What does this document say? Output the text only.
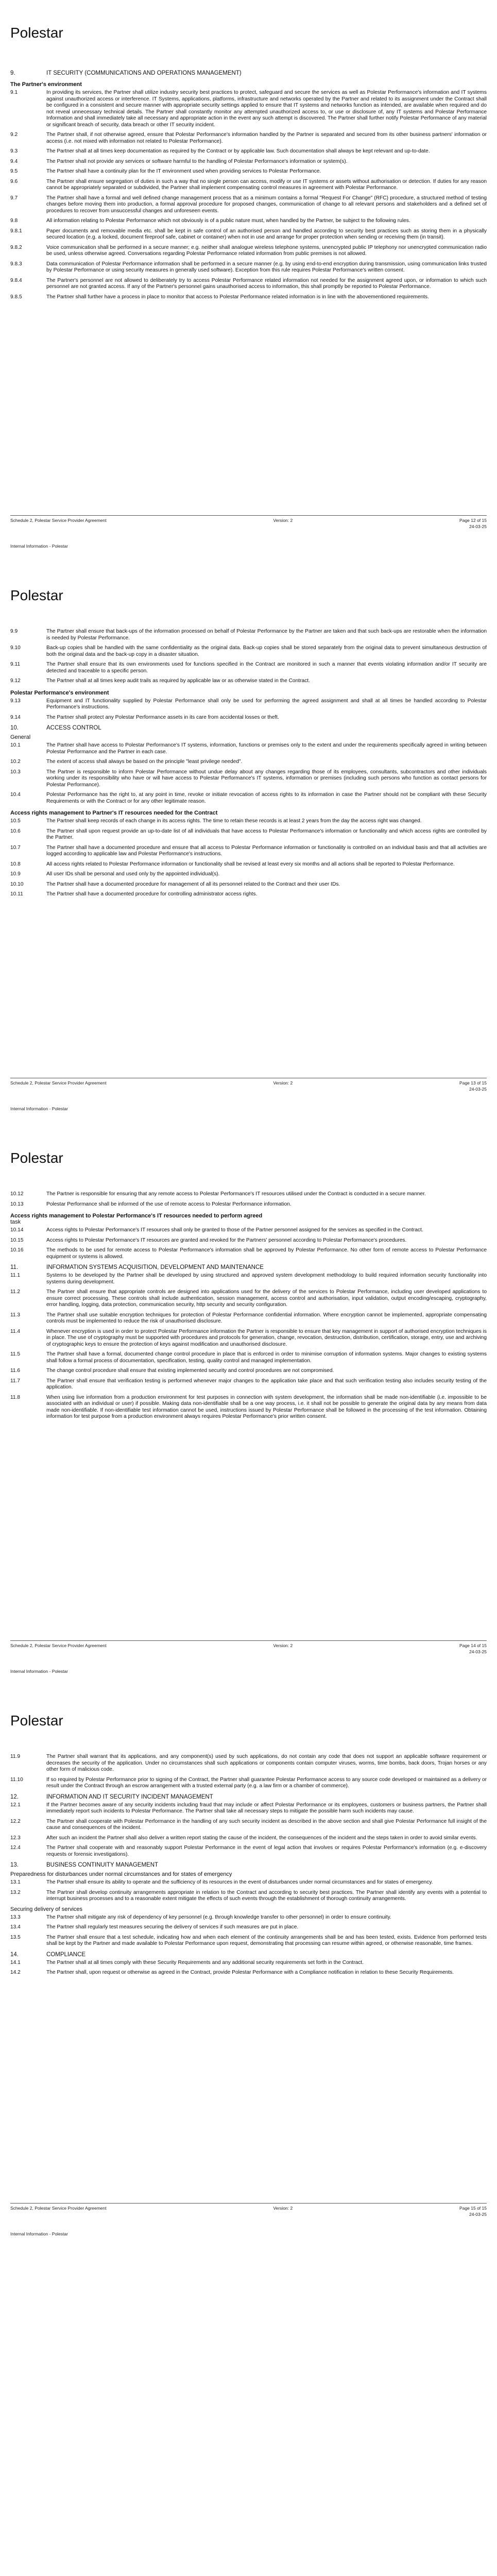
Polestar
9.	IT SECURITY (COMMUNICATIONS AND OPERATIONS MANAGEMENT)
The Partner's environment
9.1	In providing its services, the Partner shall utilize industry security best practices to protect, safeguard and secure the services as well as Polestar Performance's information and IT systems against unauthorized access or interference. IT Systems, applications, platforms, infrastructure and networks operated by the Partner and related to its assignment under the Contract shall be configured in a consistent and secure manner with appropriate security settings applied to ensure that IT systems and networks function as intended, are available when required and do not reveal unnecessary technical details. The Partner shall constantly monitor any attempted unauthorized access to, or use or disclosure of, any IT systems and Polestar Performance Information and shall immediately take all necessary and appropriate action in the event any such attempt is discovered. The Partner shall further notify Polestar Performance of any material or significant breach of security, data breach or other IT security incident.
9.2	The Partner shall, if not otherwise agreed, ensure that Polestar Performance's information handled by the Partner is separated and secured from its other business partners' information or access (i.e. not mixed with information not related to Polestar Performance).
9.3	The Partner shall at all times keep documentation as required by the Contract or by applicable law. Such documentation shall always be kept relevant and up-to-date.
9.4	The Partner shall not provide any services or software harmful to the handling of Polestar Performance's information or system(s).
9.5	The Partner shall have a continuity plan for the IT environment used when providing services to Polestar Performance.
9.6	The Partner shall ensure segregation of duties in such a way that no single person can access, modify or use IT systems or assets without authorisation or detection. If duties for any reason cannot be appropriately separated or subdivided, the Partner shall implement compensating control measures in agreement with Polestar Performance.
9.7	The Partner shall have a formal and well defined change management process that as a minimum contains a formal "Request For Change" (RFC) procedure, a structured method of testing changes before moving them into production, a formal approval procedure for proposed changes, communication of change to all relevant persons and stakeholders and a defined set of procedures to recover from unsuccessful changes and unforeseen events.
9.8	All information relating to Polestar Performance which not obviously is of a public nature must, when handled by the Partner, be subject to the following rules.
9.8.1	Paper documents and removable media etc. shall be kept in safe control of an authorised person and handled according to security best practices such as storing them in a physically secured location (e.g. a locked, document fireproof safe, cabinet or container) when not in use and arrange for proper protection when sending or receiving them (in transit).
9.8.2	Voice communication shall be performed in a secure manner; e.g. neither shall analogue wireless telephone systems, unencrypted public IP telephony nor unencrypted communication radio be used, unless otherwise agreed. Conversations regarding Polestar Performance related information from public premises is not allowed.
9.8.3	Data communication of Polestar Performance information shall be performed in a secure manner (e.g. by using end-to-end encryption during transmission, using communication links trusted by Polestar Performance or using security measures in generally used software). Exception from this rule requires Polestar Performance's written consent.
9.8.4	The Partner's personnel are not allowed to deliberately try to access Polestar Performance related information not needed for the assignment agreed upon, or information to which such personnel are not granted access. If any of the Partner's personnel gains unauthorised access to information, this shall promptly be reported to Polestar Performance.
9.8.5	The Partner shall further have a process in place to monitor that access to Polestar Performance related information is in line with the abovementioned requirements.
Schedule 2, Polestar Service Provider Agreement	Version: 2	Page 12 of 15
24-03-25
Internal Information - Polestar
Polestar
9.9	The Partner shall ensure that back-ups of the information processed on behalf of Polestar Performance by the Partner are taken and that such back-ups are restorable when the information is needed by Polestar Performance.
9.10	Back-up copies shall be handled with the same confidentiality as the original data. Back-up copies shall be stored separately from the original data to prevent simultaneous destruction of both the original data and the back-up copy in a disaster situation.
9.11	The Partner shall ensure that its own environments used for functions specified in the Contract are monitored in such a manner that events violating information and/or IT security are detected and traceable to a specific person.
9.12	The Partner shall at all times keep audit trails as required by applicable law or as otherwise stated in the Contract.
Polestar Performance's environment
9.13	Equipment and IT functionality supplied by Polestar Performance shall only be used for performing the agreed assignment and shall at all times be handled according to Polestar Performance's instructions.
9.14	The Partner shall protect any Polestar Performance assets in its care from accidental losses or theft.
10.	ACCESS CONTROL
General
10.1	The Partner shall have access to Polestar Performance's IT systems, information, functions or premises only to the extent and under the requirements specifically agreed in writing between Polestar Performance and the Partner in each case.
10.2	The extent of access shall always be based on the principle "least privilege needed".
10.3	The Partner is responsible to inform Polestar Performance without undue delay about any changes regarding those of its employees, consultants, subcontractors and other individuals working under its responsibility who have or will have access to Polestar Performance's IT systems, information or premises (including such persons who function as contact persons for Polestar Performance).
10.4	Polestar Performance has the right to, at any point in time, revoke or initiate revocation of access rights to its information in case the Partner should not be compliant with these Security Requirements or with the Contract or for any other legitimate reason.
Access rights management to Partner's IT resources needed for the Contract
10.5	The Partner shall keep records of each change in its access rights. The time to retain these records is at least 2 years from the day the access right was changed.
10.6	The Partner shall upon request provide an up-to-date list of all individuals that have access to Polestar Performance's information or functionality and which access rights are controlled by the Partner.
10.7	The Partner shall have a documented procedure and ensure that all access to Polestar Performance information or functionality is controlled on an individual basis and that all activities are logged according to applicable law and Polestar Performance's instructions.
10.8	All access rights related to Polestar Performance information or functionality shall be revised at least every six months and all actions shall be reported to Polestar Performance.
10.9	All user IDs shall be personal and used only by the appointed individual(s).
10.10	The Partner shall have a documented procedure for management of all its personnel related to the Contract and their user IDs.
10.11	The Partner shall have a documented procedure for controlling administrator access rights.
Schedule 2, Polestar Service Provider Agreement	Version: 2	Page 13 of 15
24-03-25
Internal Information - Polestar
Polestar
10.12	The Partner is responsible for ensuring that any remote access to Polestar Performance's IT resources utilised under the Contract is conducted in a secure manner.
10.13	Polestar Performance shall be informed of the use of remote access to Polestar Performance information.
Access rights management to Polestar Performance's IT resources needed to perform agreed
task
10.14	Access rights to Polestar Performance's IT resources shall only be granted to those of the Partner personnel assigned for the services as specified in the Contract.
10.15	Access rights to Polestar Performance's IT resources are granted and revoked for the Partners' personnel according to Polestar Performance's procedures.
10.16	The methods to be used for remote access to Polestar Performance's information shall be approved by Polestar Performance. No other form of remote access to Polestar Performance equipment or systems is allowed.
11.	INFORMATION SYSTEMS ACQUISITION, DEVELOPMENT AND MAINTENANCE
11.1	Systems to be developed by the Partner shall be developed by using structured and approved system development methodology to build required information security functionality into systems during development.
11.2	The Partner shall ensure that appropriate controls are designed into applications used for the delivery of the services to Polestar Performance, including user developed applications to ensure correct processing. These controls shall include authentication, session management, access control and authorisation, input validation, output encoding/escaping, cryptography, error handling, logging, data protection, communication security, http security and security configuration.
11.3	The Partner shall use suitable encryption techniques for protection of Polestar Performance confidential information. Where encryption cannot be implemented, appropriate compensating controls must be implemented to reduce the risk of unauthorised disclosure.
11.4	Whenever encryption is used in order to protect Polestar Performance information the Partner is responsible to ensure that key management in support of authorised encryption techniques is in place. The use of cryptography must be supported with procedures and protocols for generation, change, revocation, destruction, distribution, certification, storage, entry, use and archiving of cryptographic keys to ensure the protection of keys against modification and unauthorised disclosure.
11.5	The Partner shall have a formal, documented change control procedure in place that is enforced in order to minimise corruption of information systems. Major changes to existing systems shall follow a formal process of documentation, specification, testing, quality control and managed implementation.
11.6	The change control procedure shall ensure that existing implemented security and control procedures are not compromised.
11.7	The Partner shall ensure that verification testing is performed whenever major changes to the application take place and that such verification testing also includes security testing of the application.
11.8	When using live information from a production environment for test purposes in connection with system development, the information shall be made non-identifiable (i.e. impossible to be associated with an individual or user) if possible. Making data non-identifiable shall be a one way process, i.e. it shall not be possible to generate the original data by any means from data made non-identifiable. If non-identifiable test information cannot be used, instructions issued by Polestar Performance shall be followed in the processing of the test information. Obtaining information for test purpose from a production environment always requires Polestar Performance's prior written consent.
Schedule 2, Polestar Service Provider Agreement	Version: 2	Page 14 of 15
24-03-25
Internal Information - Polestar
Polestar
11.9	The Partner shall warrant that its applications, and any component(s) used by such applications, do not contain any code that does not support an applicable software requirement or decreases the security of the application. Under no circumstances shall such applications or components contain computer viruses, worms, time bombs, back doors, Trojan horses or any other form of malicious code.
11.10	If so required by Polestar Performance prior to signing of the Contract, the Partner shall guarantee Polestar Performance access to any source code developed or maintained as a delivery or result under the Contract through an escrow arrangement with a trusted external party (e.g. a law firm or a chamber of commerce).
12.	INFORMATION AND IT SECURITY INCIDENT MANAGEMENT
12.1	If the Partner becomes aware of any security incidents including fraud that may include or affect Polestar Performance or its employees, customers or business partners, the Partner shall immediately report such incidents to Polestar Performance. The Partner shall take all necessary steps to mitigate the possible harm such incidents may cause.
12.2	The Partner shall cooperate with Polestar Performance in the handling of any such security incident as described in the above section and shall give Polestar Performance full insight of the cause and consequences of the incident.
12.3	After such an incident the Partner shall also deliver a written report stating the cause of the incident, the consequences of the incident and the steps taken in order to avoid similar events.
12.4	The Partner shall cooperate with and reasonably support Polestar Performance in the event of legal action that involves or requires Polestar Performance's information (e.g. e-discovery requests or forensic investigations).
13.	BUSINESS CONTINUITY MANAGEMENT
Preparedness for disturbances under normal circumstances and for states of emergency
13.1	The Partner shall ensure its ability to operate and the sufficiency of its resources in the event of disturbances under normal circumstances and for states of emergency.
13.2	The Partner shall develop continuity arrangements appropriate in relation to the Contract and according to security best practices. The Partner shall identify any events with a potential to interrupt business processes and to a reasonable extent mitigate the effects of such events through the establishment of thorough continuity arrangements.
Securing delivery of services
13.3	The Partner shall mitigate any risk of dependency of key personnel (e.g. through knowledge transfer to other personnel) in order to ensure continuity.
13.4	The Partner shall regularly test measures securing the delivery of services if such measures are put in place.
13.5	The Partner shall ensure that a test schedule, indicating how and when each element of the continuity arrangements shall be and has been tested, exists. Evidence from performed tests shall be kept by the Partner and made available to Polestar Performance upon request, demonstrating that processing can resume within agreed, or otherwise reasonable, time frames.
14.	COMPLIANCE
14.1	The Partner shall at all times comply with these Security Requirements and any additional security requirements set forth in the Contract.
14.2	The Partner shall, upon request or otherwise as agreed in the Contract, provide Polestar Performance with a Compliance notification in relation to these Security Requirements.
Schedule 2, Polestar Service Provider Agreement	Version: 2	Page 15 of 15
24-03-25
Internal Information - Polestar
